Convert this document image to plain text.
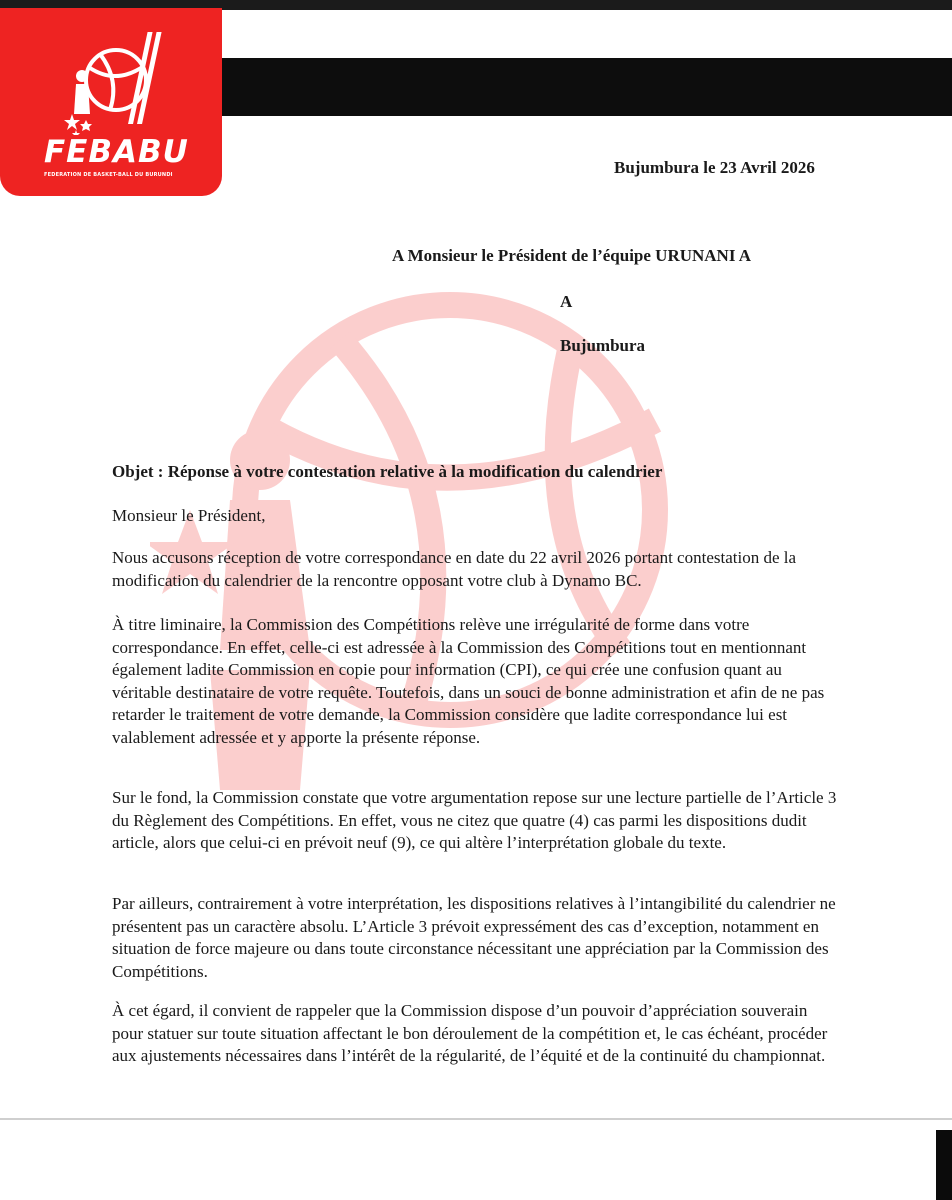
FEBABU
FEDERATION DE BASKET-BALL DU BURUNDI	Bujumbura le 23 Avril 2026
A Monsieur le Président de l’équipe URUNANI A
A
Bujumbura
Objet : Réponse à votre contestation relative à la modification du calendrier
Monsieur le Président,

Nous accusons réception de votre correspondance en date du 22 avril 2026 portant contestation de la modification du calendrier de la rencontre opposant votre club à Dynamo BC.

À titre liminaire, la Commission des Compétitions relève une irrégularité de forme dans votre correspondance. En effet, celle-ci est adressée à la Commission des Compétitions tout en mentionnant également ladite Commission en copie pour information (CPI), ce qui crée une confusion quant au véritable destinataire de votre requête. Toutefois, dans un souci de bonne administration et afin de ne pas retarder le traitement de votre demande, la Commission considère que ladite correspondance lui est valablement adressée et y apporte la présente réponse.

Sur le fond, la Commission constate que votre argumentation repose sur une lecture partielle de l’Article 3 du Règlement des Compétitions. En effet, vous ne citez que quatre (4) cas parmi les dispositions dudit article, alors que celui-ci en prévoit neuf (9), ce qui altère l’interprétation globale du texte.

Par ailleurs, contrairement à votre interprétation, les dispositions relatives à l’intangibilité du calendrier ne présentent pas un caractère absolu. L’Article 3 prévoit expressément des cas d’exception, notamment en situation de force majeure ou dans toute circonstance nécessitant une appréciation par la Commission des Compétitions.

À cet égard, il convient de rappeler que la Commission dispose d’un pouvoir d’appréciation souverain pour statuer sur toute situation affectant le bon déroulement de la compétition et, le cas échéant, procéder aux ajustements nécessaires dans l’intérêt de la régularité, de l’équité et de la continuité du championnat.
